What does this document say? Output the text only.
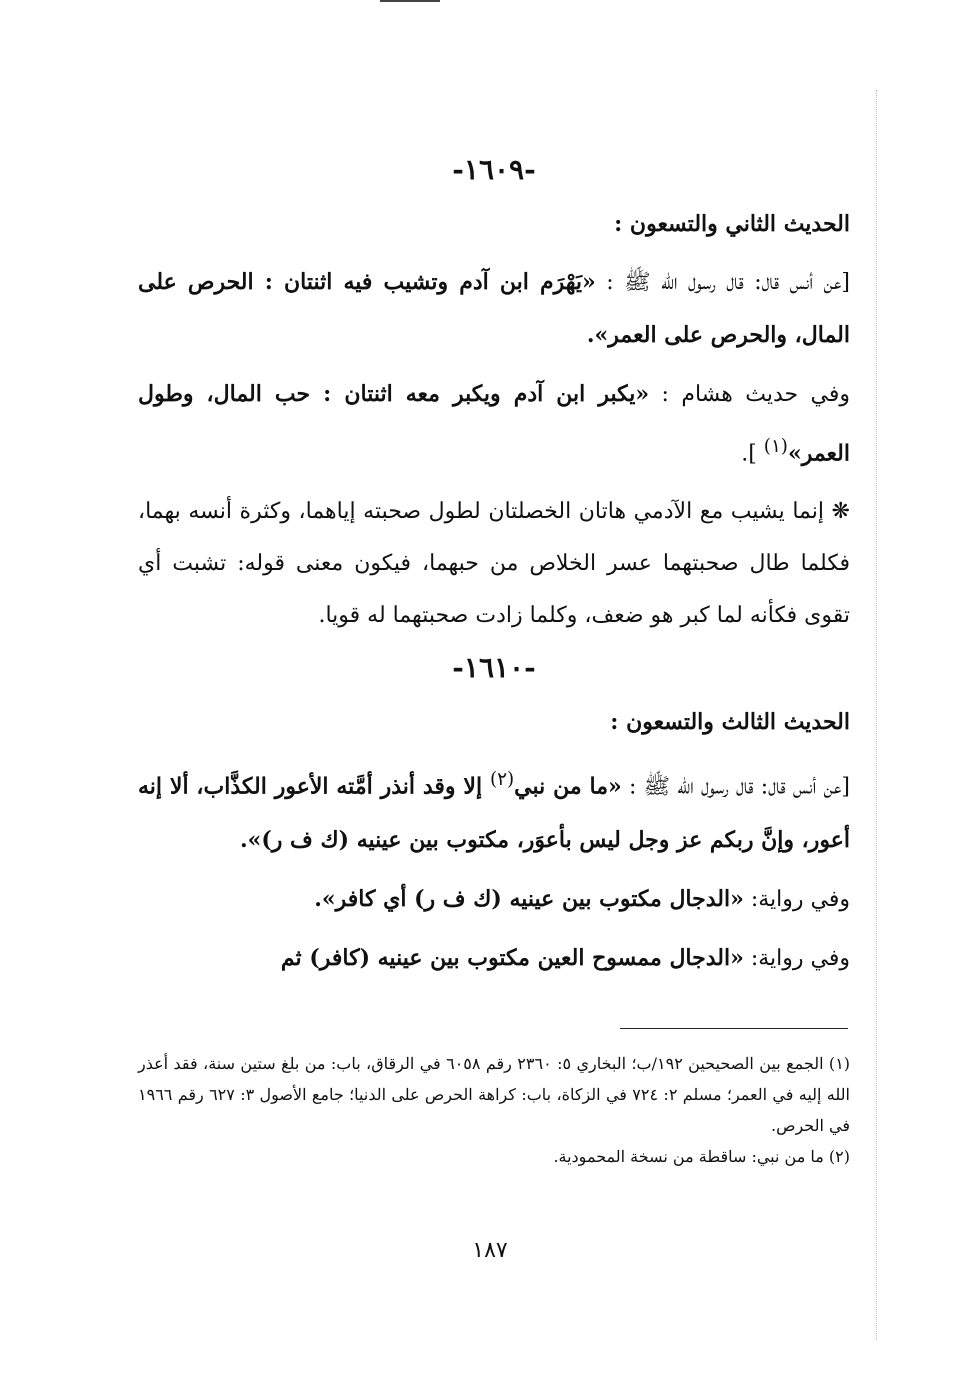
-١٦٠٩-
الحديث الثاني والتسعون :

[عن أنس قال: قال رسول الله ﷺ : «يَهْرَم ابن آدم وتشيب فيه اثنتان : الحرص على المال، والحرص على العمر».

وفي حديث هشام : «يكبر ابن آدم ويكبر معه اثنتان : حب المال، وطول العمر»$^{(١)}$ ].

❋ إنما يشيب مع الآدمي هاتان الخصلتان لطول صحبته إياهما، وكثرة أنسه بهما، فكلما طال صحبتهما عسر الخلاص من حبهما، فيكون معنى قوله: تشبت أي تقوى فكأنه لما كبر هو ضعف، وكلما زادت صحبتهما له قويا.

-١٦١٠-
الحديث الثالث والتسعون :

[عن أنس قال: قال رسول الله ﷺ : «ما من نبي$^{(٢)}$ إلا وقد أنذر أمَّته الأعور الكذَّاب، ألا إنه أعور، وإنَّ ربكم عز وجل ليس بأعوَر، مكتوب بين عينيه (ك ف ر)».

وفي رواية: «الدجال مكتوب بين عينيه (ك ف ر) أي كافر».

وفي رواية: «الدجال ممسوح العين مكتوب بين عينيه (كافر) ثم

(١) الجمع بين الصحيحين ١٩٢/ب؛ البخاري ٥: ٢٣٦٠ رقم ٦٠٥٨ في الرقاق، باب: من بلغ ستين سنة، فقد أعذر الله إليه في العمر؛ مسلم ٢: ٧٢٤ في الزكاة، باب: كراهة الحرص على الدنيا؛ جامع الأصول ٣: ٦٢٧ رقم ١٩٦٦ في الحرص.

(٢) ما من نبي: ساقطة من نسخة المحمودية.

١٨٧
